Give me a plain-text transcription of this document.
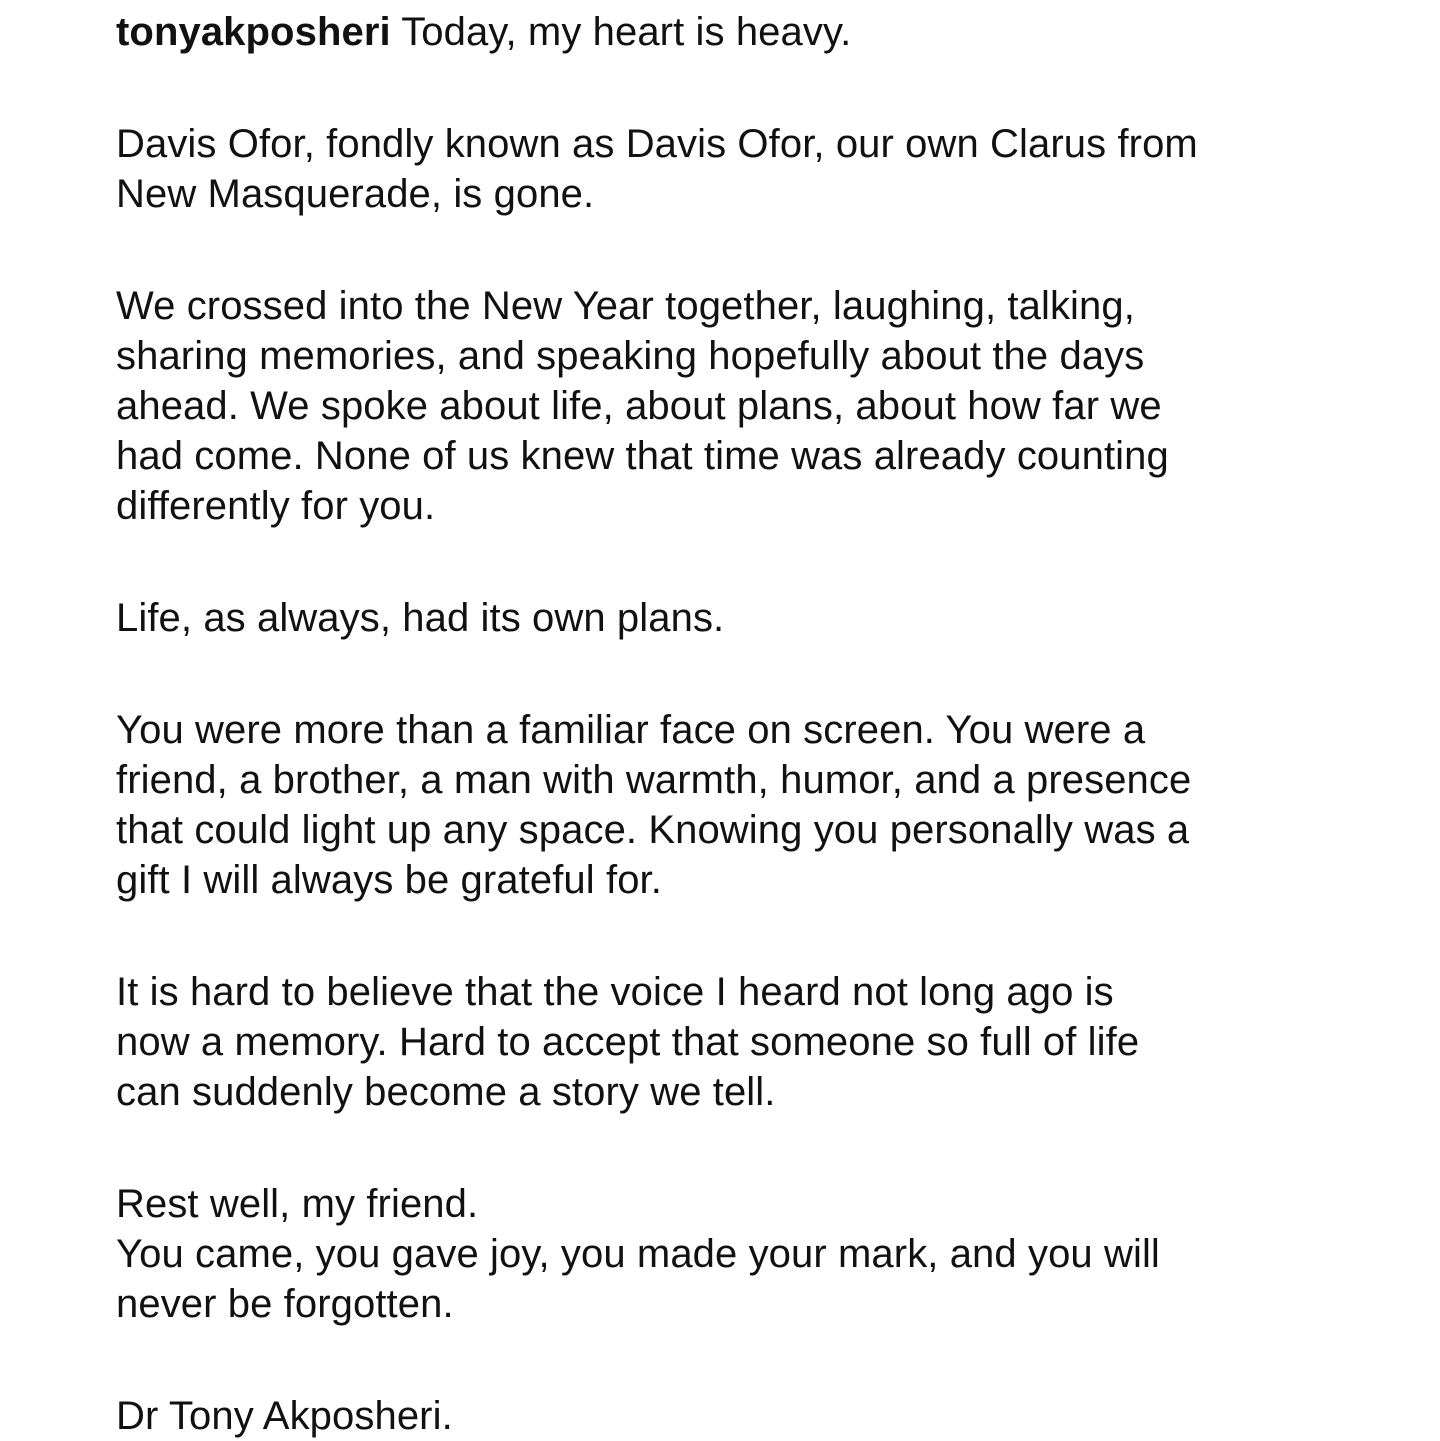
tonyakposheri Today, my heart is heavy.

Davis Ofor, fondly known as Davis Ofor, our own Clarus from
New Masquerade, is gone.

We crossed into the New Year together, laughing, talking,
sharing memories, and speaking hopefully about the days
ahead. We spoke about life, about plans, about how far we
had come. None of us knew that time was already counting
differently for you.

Life, as always, had its own plans.

You were more than a familiar face on screen. You were a
friend, a brother, a man with warmth, humor, and a presence
that could light up any space. Knowing you personally was a
gift I will always be grateful for.

It is hard to believe that the voice I heard not long ago is
now a memory. Hard to accept that someone so full of life
can suddenly become a story we tell.

Rest well, my friend.
You came, you gave joy, you made your mark, and you will
never be forgotten.

Dr Tony Akposheri.
